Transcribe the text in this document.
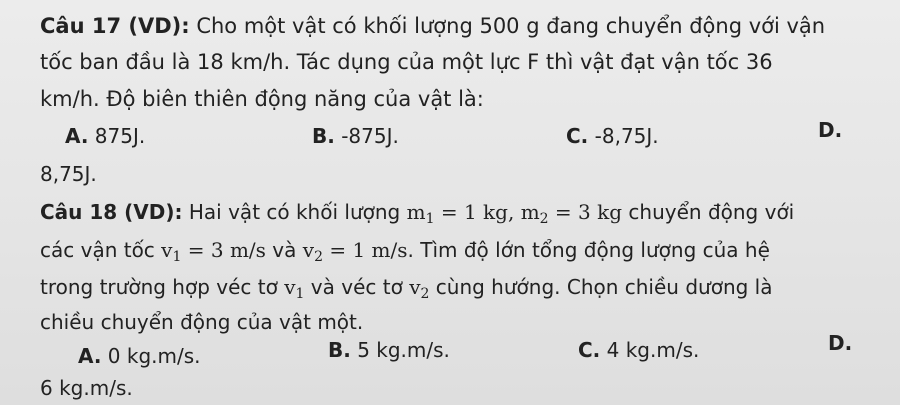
Câu 17 (VD): Cho một vật có khối lượng 500 g đang chuyển động với vận
tốc ban đầu là 18 km/h. Tác dụng của một lực F thì vật đạt vận tốc 36
km/h. Độ biên thiên động năng của vật là:
A. 875J.	B. -875J.	C. -8,75J.	D.
8,75J.
Câu 18 (VD): Hai vật có khối lượng m1 = 1 kg, m2 = 3 kg chuyển động với
các vận tốc v1 = 3 m/s và v2 = 1 m/s. Tìm độ lớn tổng động lượng của hệ
trong trường hợp véc tơ v1 và véc tơ v2 cùng hướng. Chọn chiều dương là
chiều chuyển động của vật một.
A. 0 kg.m/s.	B. 5 kg.m/s.	C. 4 kg.m/s.	D.
6 kg.m/s.
